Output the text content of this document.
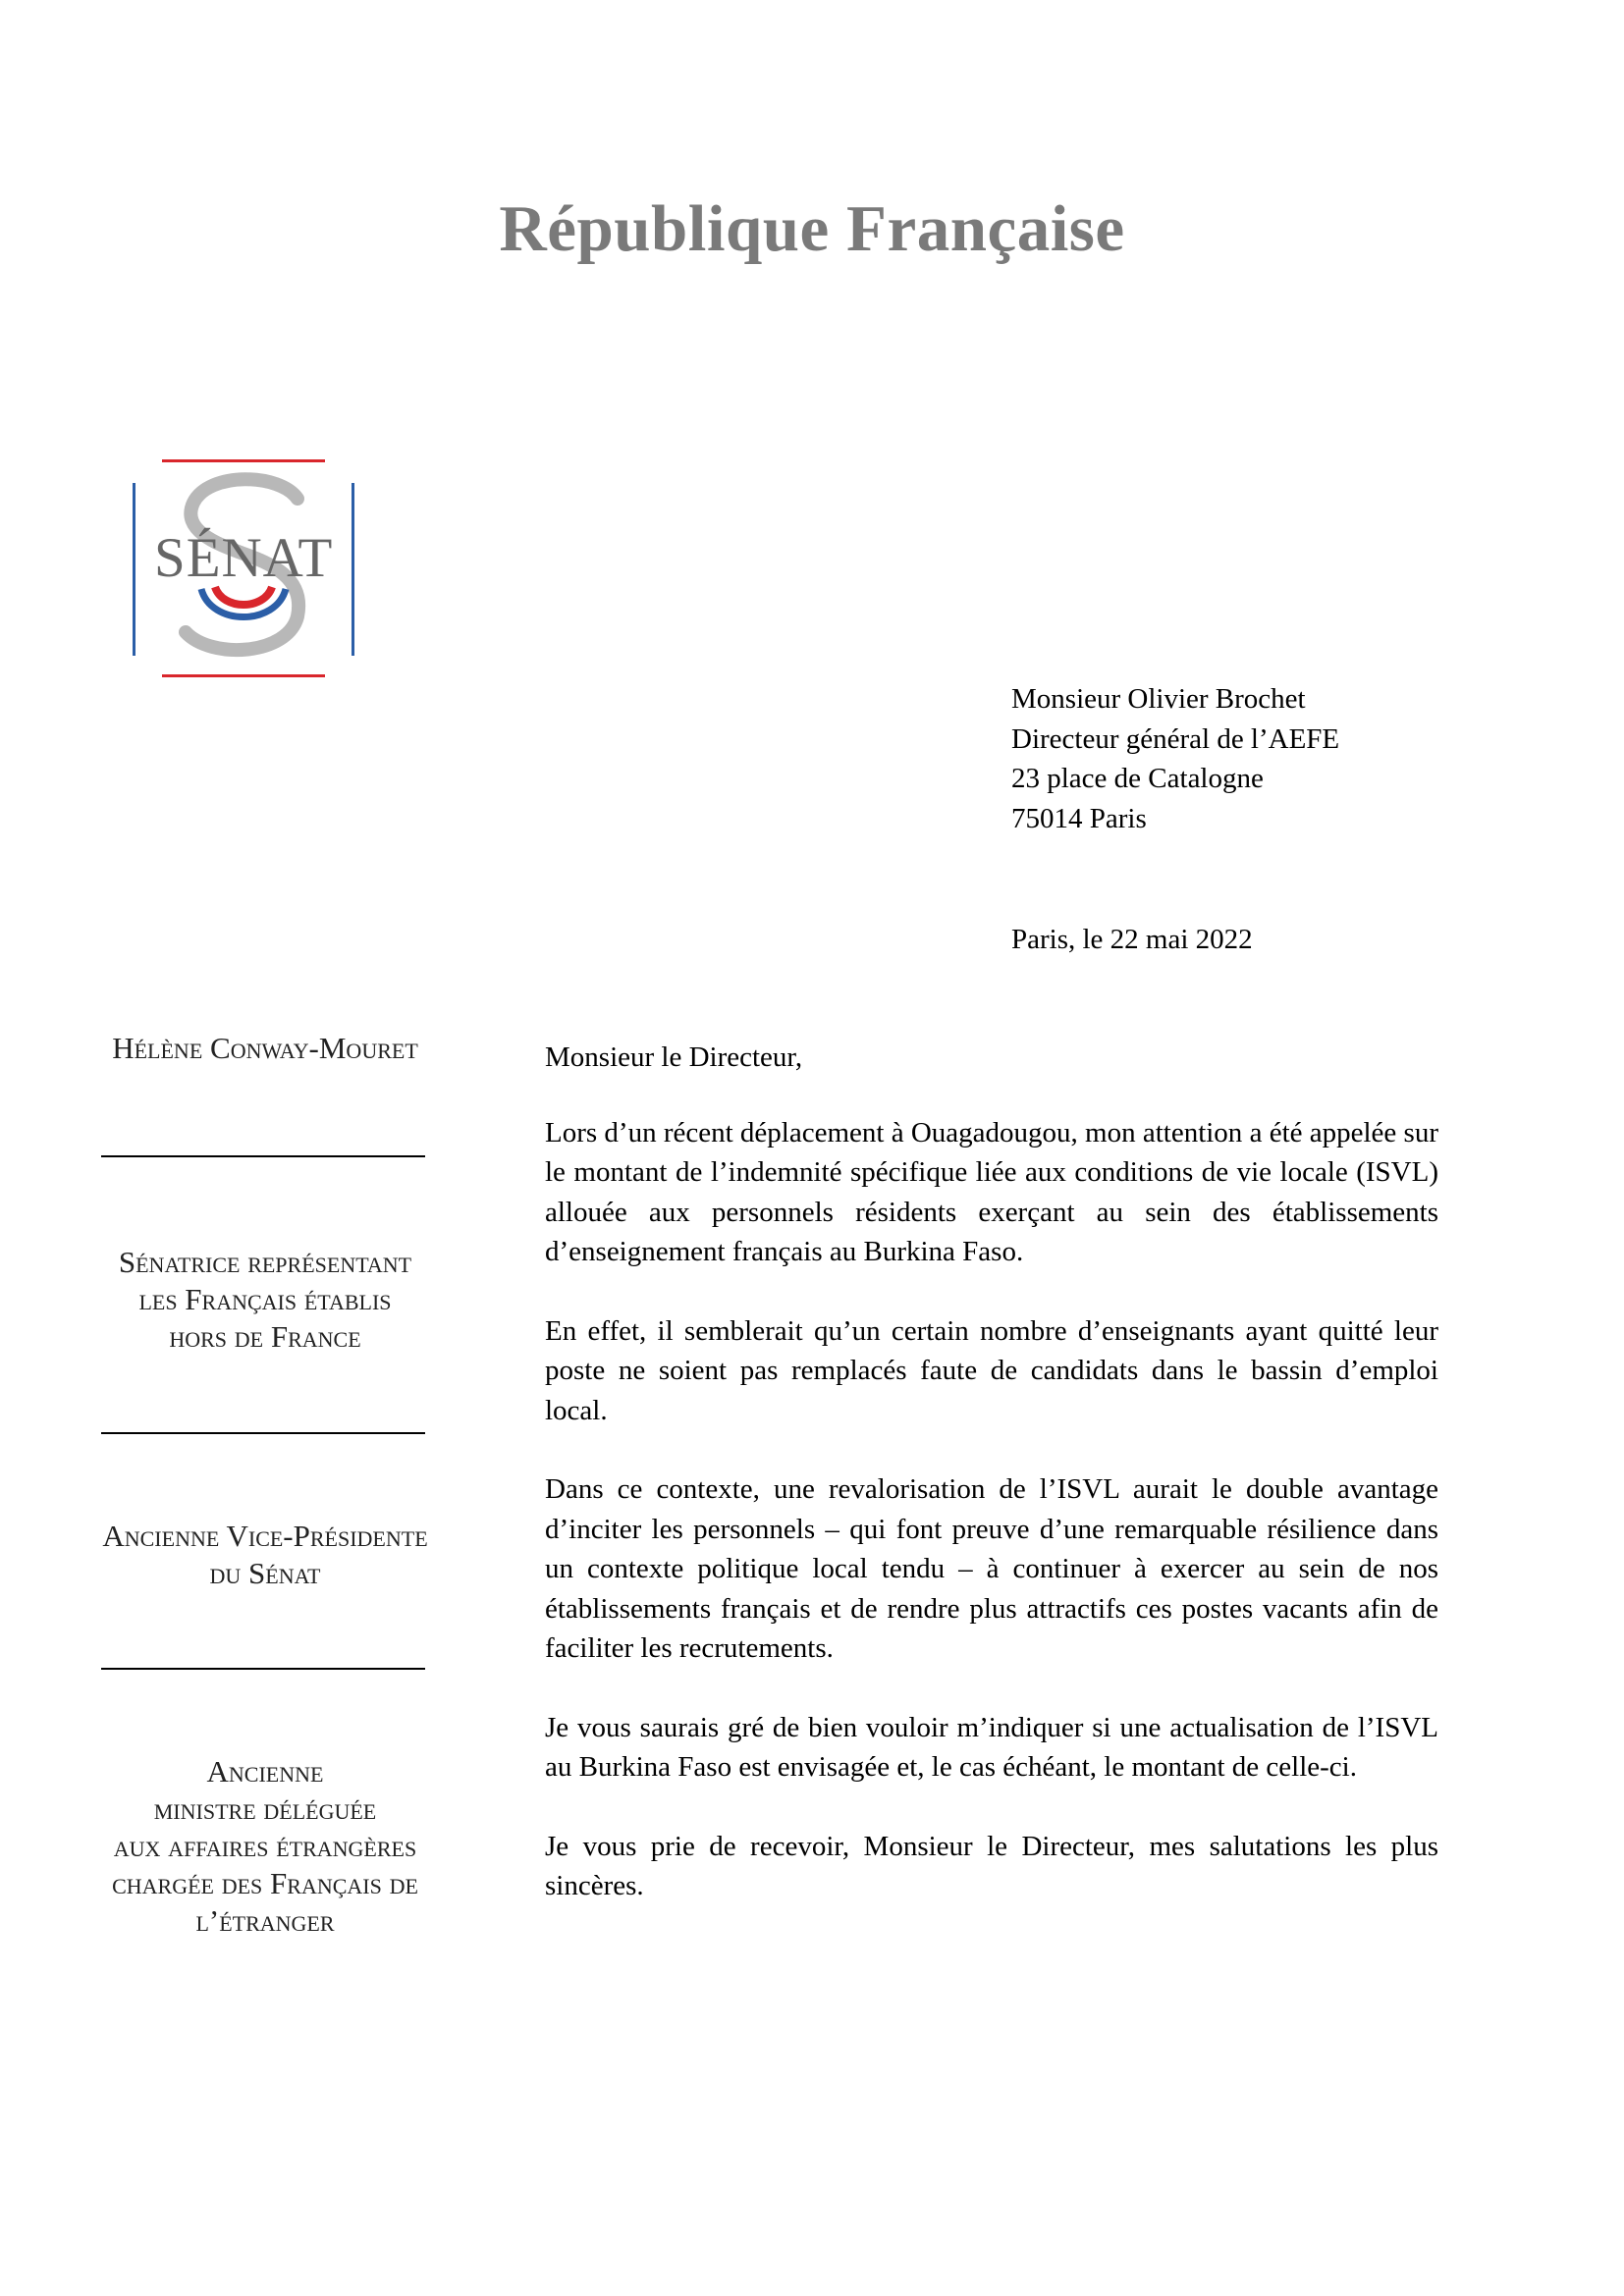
République Française
SÉNAT
Monsieur Olivier Brochet
Directeur général de l’AEFE
23 place de Catalogne
75014 Paris
Paris, le 22 mai 2022
Hélène Conway-Mouret
Sénatrice représentant
les Français établis
hors de France
Ancienne Vice-Présidente
du Sénat
Ancienne
ministre déléguée
aux affaires étrangères
chargée des Français de
l’étranger

Monsieur le Directeur,

Lors d’un récent déplacement à Ouagadougou, mon attention a été appelée sur le montant de l’indemnité spécifique liée aux conditions de vie locale (ISVL) allouée aux personnels résidents exerçant au sein des établissements d’enseignement français au Burkina Faso.

En effet, il semblerait qu’un certain nombre d’enseignants ayant quitté leur poste ne soient pas remplacés faute de candidats dans le bassin d’emploi local.

Dans ce contexte, une revalorisation de l’ISVL aurait le double avantage d’inciter les personnels – qui font preuve d’une remarquable résilience dans un contexte politique local tendu – à continuer à exercer au sein de nos établissements français et de rendre plus attractifs ces postes vacants afin de faciliter les recrutements.

Je vous saurais gré de bien vouloir m’indiquer si une actualisation de l’ISVL au Burkina Faso est envisagée et, le cas échéant, le montant de celle-ci.

Je vous prie de recevoir, Monsieur le Directeur, mes salutations les plus sincères.
